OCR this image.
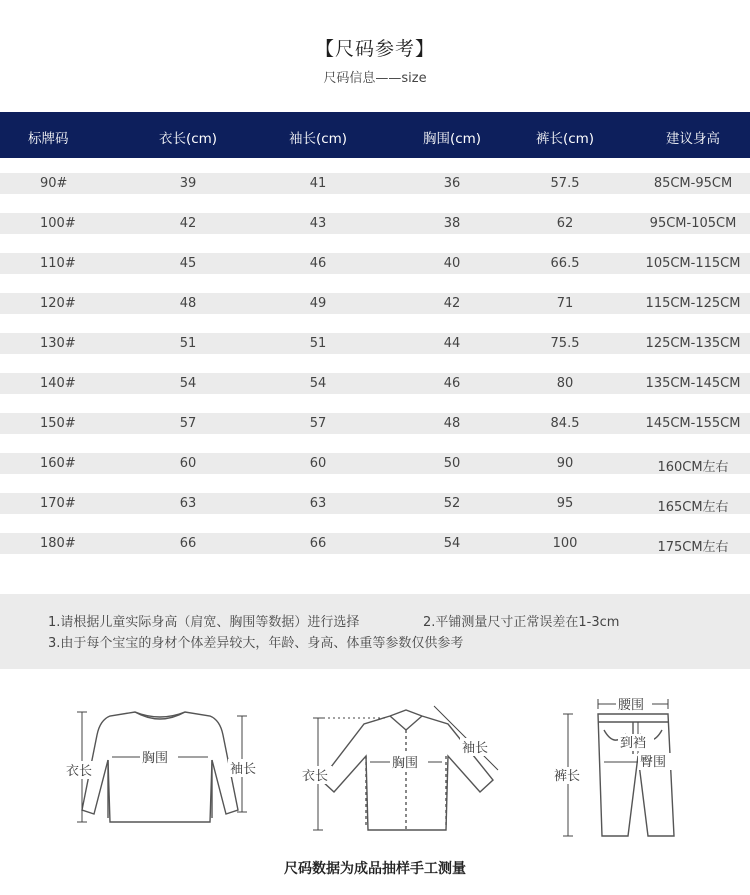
【尺码参考】
尺码信息——size
标牌码	衣长(cm)	袖长(cm)	胸围(cm)	裤长(cm)	建议身高
90#	39	41	36	57.5	85CM-95CM
100#	42	43	38	62	95CM-105CM
110#	45	46	40	66.5	105CM-115CM
120#	48	49	42	71	115CM-125CM
130#	51	51	44	75.5	125CM-135CM
140#	54	54	46	80	135CM-145CM
150#	57	57	48	84.5	145CM-155CM
160#	60	60	50	90	160CM左右
170#	63	63	52	95	165CM左右
180#	66	66	54	100	175CM左右
1.请根据儿童实际身高（肩宽、胸围等数据）进行选择	2.平铺测量尺寸正常误差在1-3cm
3.由于每个宝宝的身材个体差异较大，年龄、身高、体重等参数仅供参考
衣长
胸围
袖长	衣长
胸围
袖长
腰围
到裆
臀围
裤长
尺码数据为成品抽样手工测量
